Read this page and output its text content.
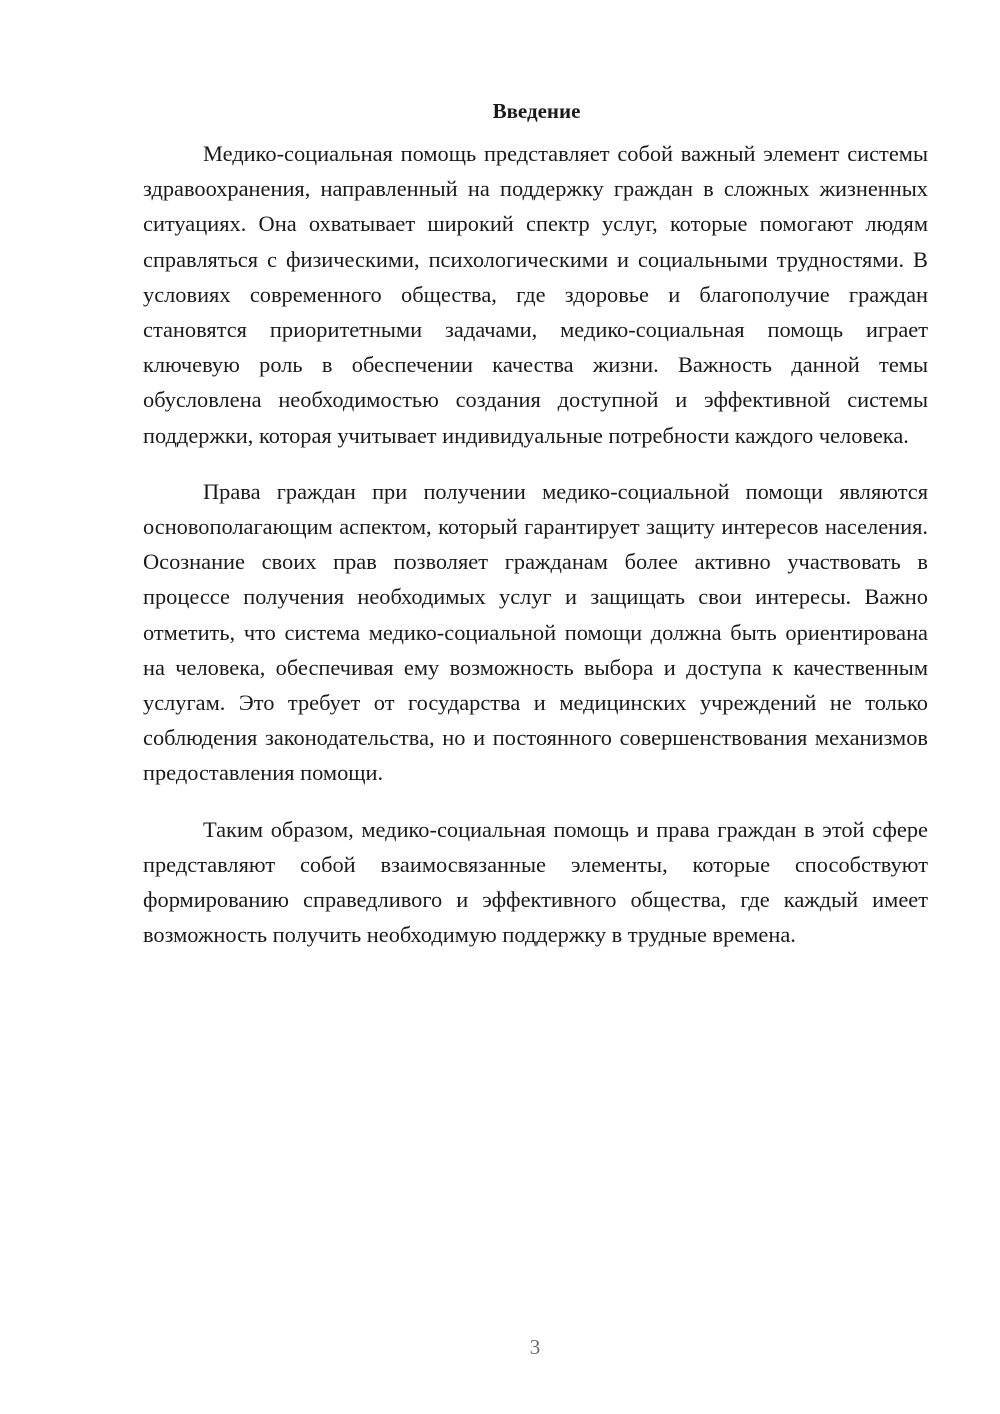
Введение

Медико-социальная помощь представляет собой важный элемент системы здравоохранения, направленный на поддержку граждан в сложных жизненных ситуациях. Она охватывает широкий спектр услуг, которые помогают людям справляться с физическими, психологическими и социальными трудностями. В условиях современного общества, где здоровье и благополучие граждан становятся приоритетными задачами, медико-социальная помощь играет ключевую роль в обеспечении качества жизни. Важность данной темы обусловлена необходимостью создания доступной и эффективной системы поддержки, которая учитывает индивидуальные потребности каждого человека.

Права граждан при получении медико-социальной помощи являются основополагающим аспектом, который гарантирует защиту интересов населения. Осознание своих прав позволяет гражданам более активно участвовать в процессе получения необходимых услуг и защищать свои интересы. Важно отметить, что система медико-социальной помощи должна быть ориентирована на человека, обеспечивая ему возможность выбора и доступа к качественным услугам. Это требует от государства и медицинских учреждений не только соблюдения законодательства, но и постоянного совершенствования механизмов предоставления помощи.

Таким образом, медико-социальная помощь и права граждан в этой сфере представляют собой взаимосвязанные элементы, которые способствуют формированию справедливого и эффективного общества, где каждый имеет возможность получить необходимую поддержку в трудные времена.

3
